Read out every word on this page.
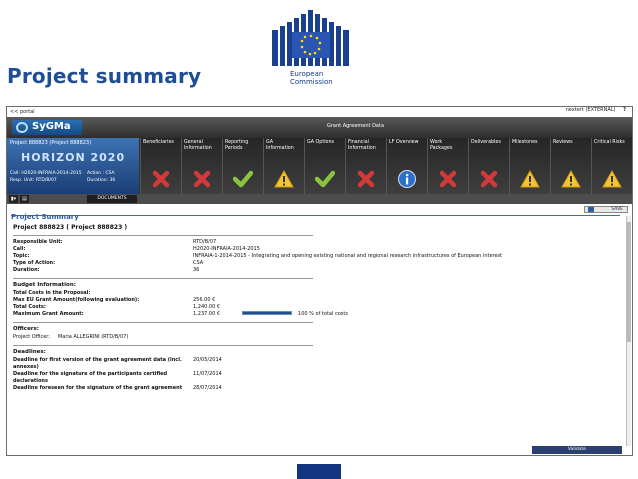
Project summary	European
Commission
<< portal	nextert (EXTERNAL) ?
SyGMa	Grant Agreement Data
Project 888823 (Project 888823)
HORIZON 2020
Call: H2020-INFRAIA-2014-2015 Action : CSA
Resp. Unit: RTD/B/07	Duration: 36
Beneficiaries	General Information
Reporting Periods
GA Information
GA Options	Financial Information
LF Overview	Work Packages
Deliverables	Milestones	Reviews	Critical Risks
▮▾	▤	DOCUMENTS
Project Summary
SAVE
Project 888823 ( Project 888823 )
Responsible Unit:	RTD/B/07
Call:	H2020-INFRAIA-2014-2015
Topic:	INFRAIA-1-2014-2015 - Integrating and opening existing national and regional research infrastructures of European interest
Type of Action:	CSA
Duration:	36
Budget Information:
Total Costs in the Proposal:
Max EU Grant Amount(following evaluation):	256.00 €
Total Costs:	1,240.00 €
Maximum Grant Amount:	1,237.00 €	100 % of total costs
Officers:
Project Officer: Maria ALLEGRINI (RTD/B/07)
Deadlines:
Deadline for first version of the grant agreement data (incl. annexes)
20/05/2014
Deadline for the signature of the participants certified declarations
11/07/2014
Deadline foreseen for the signature of the grant agreement 28/07/2014
Validate
